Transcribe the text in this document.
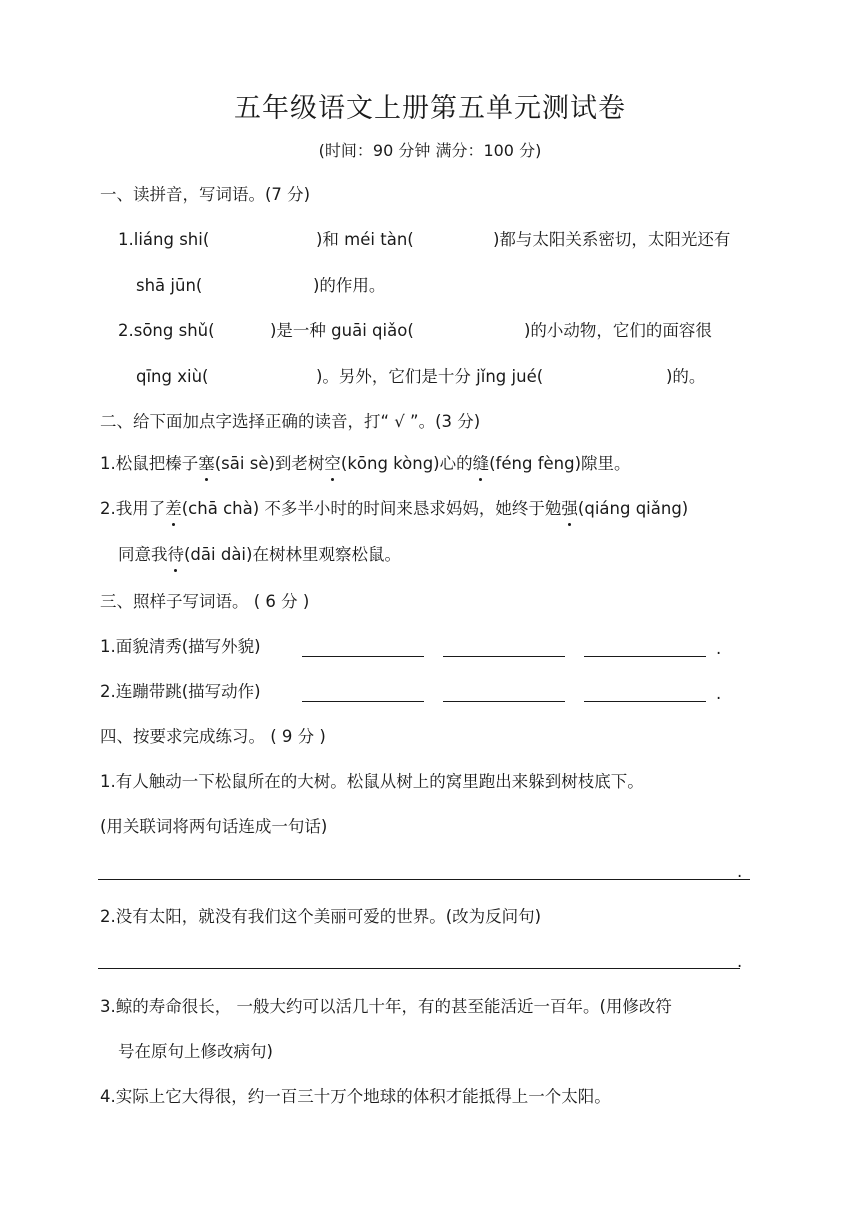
五年级语文上册第五单元测试卷
(时间：90 分钟 满分：100 分)
一、读拼音，写词语。(7 分)
1.liáng shi(	)和 méi tàn(	)都与太阳关系密切，太阳光还有
shā jūn(	)的作用。
2.sōng shǔ(	)是一种 guāi qiǎo(	)的小动物，它们的面容很
qīng xiù(	)。另外，它们是十分 jǐng jué(	)的。
二、给下面加点字选择正确的读音，打“ √ ”。(3 分)
1.松鼠把榛子塞(sāi sè)到老树空(kōng kòng)心的缝(féng fèng)隙里。
2.我用了差(chā chà) 不多半小时的时间来恳求妈妈，她终于勉强(qiáng qiǎng)
同意我待(dāi dài)在树林里观察松鼠。
三、照样子写词语。 ( 6 分 )
1.面貌清秀(描写外貌)	.
2.连蹦带跳(描写动作)	.
四、按要求完成练习。 ( 9 分 )
1.有人触动一下松鼠所在的大树。松鼠从树上的窝里跑出来躲到树枝底下。
(用关联词将两句话连成一句话)
.
2.没有太阳，就没有我们这个美丽可爱的世界。(改为反问句)
.
3.鲸的寿命很长， 一般大约可以活几十年，有的甚至能活近一百年。(用修改符
号在原句上修改病句)
4.实际上它大得很，约一百三十万个地球的体积才能抵得上一个太阳。
